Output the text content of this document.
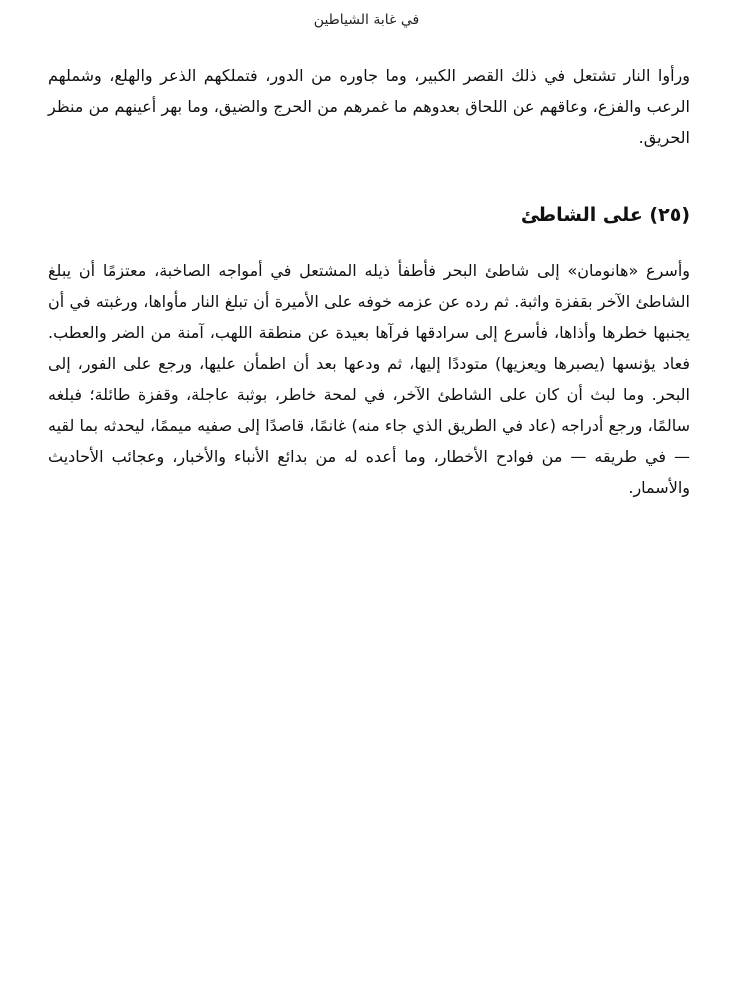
في غابة الشياطين

ورأوا النار تشتعل في ذلك القصر الكبير، وما جاوره من الدور، فتملكهم الذعر والهلع، وشملهم الرعب والفزع، وعاقهم عن اللحاق بعدوهم ما غمرهم من الحرج والضيق، وما بهر أعينهم من منظر الحريق.

(٢٥) على الشاطئ

وأسرع «هانومان» إلى شاطئ البحر فأطفأ ذيله المشتعل في أمواجه الصاخبة، معتزمًا أن يبلغ الشاطئ الآخر بقفزة واثبة. ثم رده عن عزمه خوفه على الأميرة أن تبلغ النار مأواها، ورغبته في أن يجنبها خطرها وأذاها، فأسرع إلى سرادقها فرآها بعيدة عن منطقة اللهب، آمنة من الضر والعطب. فعاد يؤنسها (يصبرها ويعزيها) متوددًا إليها، ثم ودعها بعد أن اطمأن عليها، ورجع على الفور، إلى البحر. وما لبث أن كان على الشاطئ الآخر، في لمحة خاطر، بوثبة عاجلة، وقفزة طائلة؛ فبلغه سالمًا، ورجع أدراجه (عاد في الطريق الذي جاء منه) غانمًا، قاصدًا إلى صفيه ميممًا، ليحدثه بما لقيه — في طريقه — من فوادح الأخطار، وما أعده له من بدائع الأنباء والأخبار، وعجائب الأحاديث والأسمار.
